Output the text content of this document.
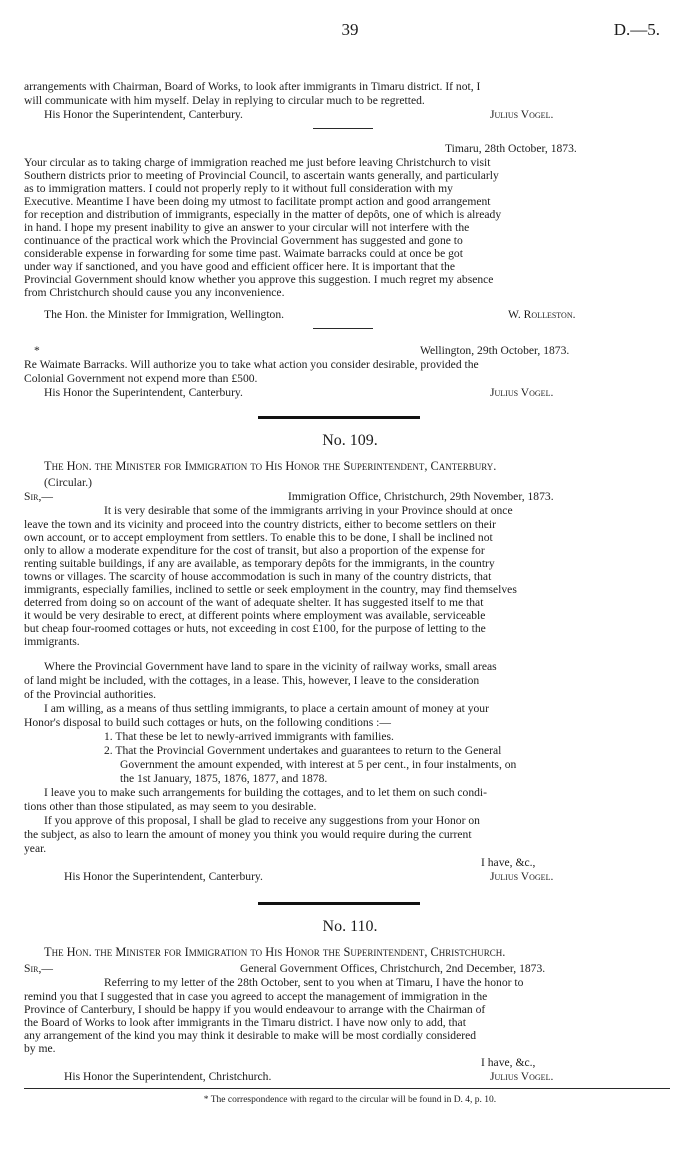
39	D.—5.
arrangements with Chairman, Board of Works, to look after immigrants in Timaru district. If not, I
will communicate with him myself. Delay in replying to circular much to be regretted.
His Honor the Superintendent, Canterbury.	Julius Vogel.
Timaru, 28th October, 1873.
Your circular as to taking charge of immigration reached me just before leaving Christchurch to visit
Southern districts prior to meeting of Provincial Council, to ascertain wants generally, and particularly
as to immigration matters. I could not properly reply to it without full consideration with my
Executive. Meantime I have been doing my utmost to facilitate prompt action and good arrangement
for reception and distribution of immigrants, especially in the matter of depôts, one of which is already
in hand. I hope my present inability to give an answer to your circular will not interfere with the
continuance of the practical work which the Provincial Government has suggested and gone to
considerable expense in forwarding for some time past. Waimate barracks could at once be got
under way if sanctioned, and you have good and efficient officer here. It is important that the
Provincial Government should know whether you approve this suggestion. I much regret my absence
from Christchurch should cause you any inconvenience.
The Hon. the Minister for Immigration, Wellington.	W. Rolleston.
*	Wellington, 29th October, 1873.
Re Waimate Barracks. Will authorize you to take what action you consider desirable, provided the
Colonial Government not expend more than £500.
His Honor the Superintendent, Canterbury.	Julius Vogel.
No. 109.
The Hon. the Minister for Immigration to His Honor the Superintendent, Canterbury.
(Circular.)
Sir,—	Immigration Office, Christchurch, 29th November, 1873.
It is very desirable that some of the immigrants arriving in your Province should at once
leave the town and its vicinity and proceed into the country districts, either to become settlers on their
own account, or to accept employment from settlers. To enable this to be done, I shall be inclined not
only to allow a moderate expenditure for the cost of transit, but also a proportion of the expense for
renting suitable buildings, if any are available, as temporary depôts for the immigrants, in the country
towns or villages. The scarcity of house accommodation is such in many of the country districts, that
immigrants, especially families, inclined to settle or seek employment in the country, may find themselves
deterred from doing so on account of the want of adequate shelter. It has suggested itself to me that
it would be very desirable to erect, at different points where employment was available, serviceable
but cheap four-roomed cottages or huts, not exceeding in cost £100, for the purpose of letting to the
immigrants.
Where the Provincial Government have land to spare in the vicinity of railway works, small areas
of land might be included, with the cottages, in a lease. This, however, I leave to the consideration
of the Provincial authorities.
I am willing, as a means of thus settling immigrants, to place a certain amount of money at your
Honor's disposal to build such cottages or huts, on the following conditions :—
1. That these be let to newly-arrived immigrants with families.
2. That the Provincial Government undertakes and guarantees to return to the General
Government the amount expended, with interest at 5 per cent., in four instalments, on
the 1st January, 1875, 1876, 1877, and 1878.
I leave you to make such arrangements for building the cottages, and to let them on such condi-
tions other than those stipulated, as may seem to you desirable.
If you approve of this proposal, I shall be glad to receive any suggestions from your Honor on
the subject, as also to learn the amount of money you think you would require during the current
year.
I have, &c.,
His Honor the Superintendent, Canterbury.	Julius Vogel.
No. 110.
The Hon. the Minister for Immigration to His Honor the Superintendent, Christchurch.
Sir,—	General Government Offices, Christchurch, 2nd December, 1873.
Referring to my letter of the 28th October, sent to you when at Timaru, I have the honor to
remind you that I suggested that in case you agreed to accept the management of immigration in the
Province of Canterbury, I should be happy if you would endeavour to arrange with the Chairman of
the Board of Works to look after immigrants in the Timaru district. I have now only to add, that
any arrangement of the kind you may think it desirable to make will be most cordially considered
by me.
I have, &c.,
His Honor the Superintendent, Christchurch.	Julius Vogel.
* The correspondence with regard to the circular will be found in D. 4, p. 10.
